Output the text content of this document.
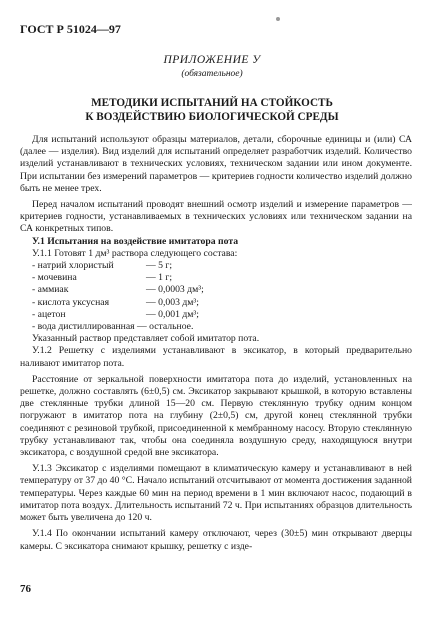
ГОСТ Р 51024—97
ПРИЛОЖЕНИЕ У
(обязательное)
МЕТОДИКИ ИСПЫТАНИЙ НА СТОЙКОСТЬ
К ВОЗДЕЙСТВИЮ БИОЛОГИЧЕСКОЙ СРЕДЫ

Для испытаний используют образцы материалов, детали, сборочные единицы и (или) СА (далее — изделия). Вид изделий для испытаний определяет разработчик изделий. Количество изделий устанавливают в технических условиях, техническом задании или ином документе. При испытании без измерений параметров — критериев годности количество изделий должно быть не менее трех.

Перед началом испытаний проводят внешний осмотр изделий и измерение параметров — критериев годности, устанавливаемых в технических условиях или техническом задании на СА конкретных типов.

У.1 Испытания на воздействие имитатора пота

У.1.1 Готовят 1 дм³ раствора следующего состава:

- натрий хлористый	— 5 г;
- мочевина	— 1 г;
- аммиак	— 0,0003 дм³;
- кислота уксусная	— 0,003 дм³;
- ацетон	— 0,001 дм³;
- вода дистиллированная — остальное.

Указанный раствор представляет собой имитатор пота.

У.1.2 Решетку с изделиями устанавливают в эксикатор, в который предварительно наливают имитатор пота.

Расстояние от зеркальной поверхности имитатора пота до изделий, установленных на решетке, должно составлять (6±0,5) см. Эксикатор закрывают крышкой, в которую вставлены две стеклянные трубки длиной 15—20 см. Первую стеклянную трубку одним концом погружают в имитатор пота на глубину (2±0,5) см, другой конец стеклянной трубки соединяют с резиновой трубкой, присоединенной к мембранному насосу. Вторую стеклянную трубку устанавливают так, чтобы она соединяла воздушную среду, находящуюся внутри эксикатора, с воздушной средой вне эксикатора.

У.1.3 Эксикатор с изделиями помещают в климатическую камеру и устанавливают в ней температуру от 37 до 40 °С. Начало испытаний отсчитывают от момента достижения заданной температуры. Через каждые 60 мин на период времени в 1 мин включают насос, подающий в имитатор пота воздух. Длительность испытаний 72 ч. При испытаниях образцов длительность может быть увеличена до 120 ч.

У.1.4 По окончании испытаний камеру отключают, через (30±5) мин открывают дверцы камеры. С эксикатора снимают крышку, решетку с изде-

76
